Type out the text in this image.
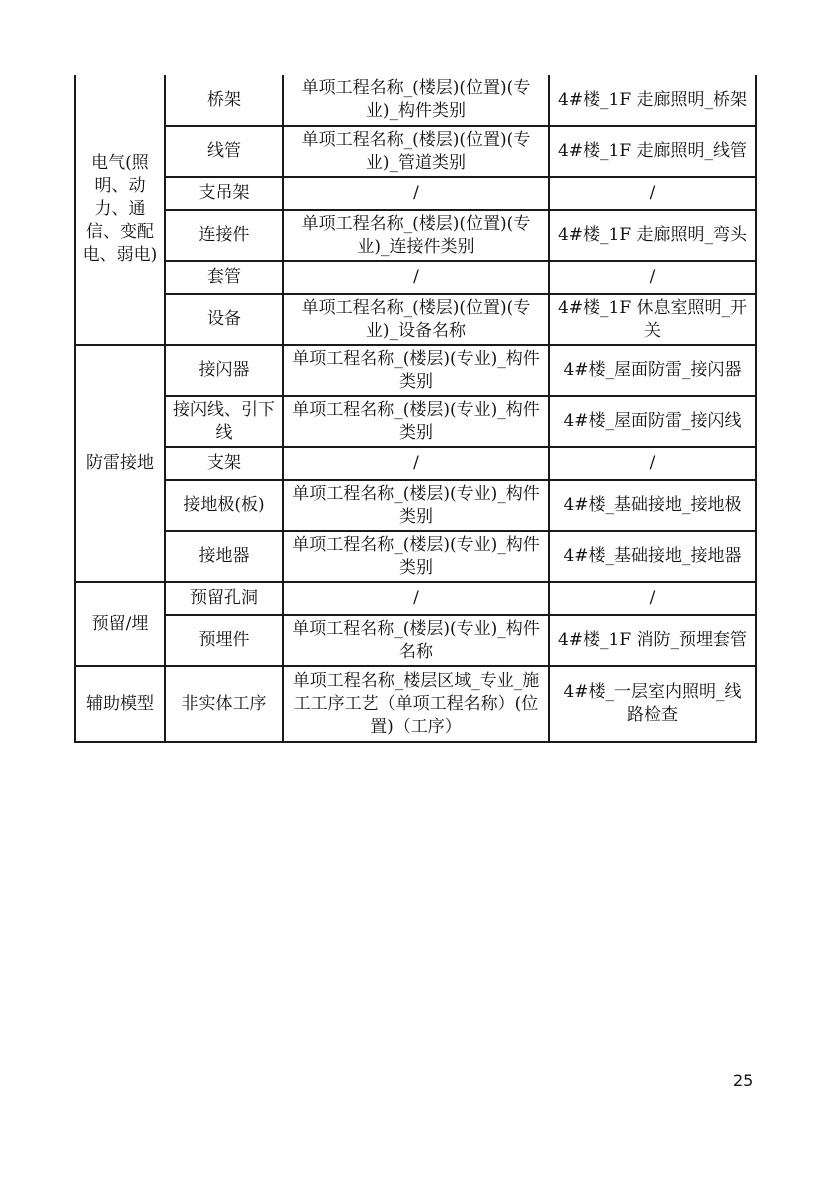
电气(照明、动力、通信、变配电、弱电)	桥架	单项工程名称_(楼层)(位置)(专业)_构件类别	4#楼_1F 走廊照明_桥架
	线管	单项工程名称_(楼层)(位置)(专业)_管道类别	4#楼_1F 走廊照明_线管
	支吊架	/	/
	连接件	单项工程名称_(楼层)(位置)(专业)_连接件类别	4#楼_1F 走廊照明_弯头
	套管	/	/
	设备	单项工程名称_(楼层)(位置)(专业)_设备名称	4#楼_1F 休息室照明_开关
防雷接地	接闪器	单项工程名称_(楼层)(专业)_构件类别	4#楼_屋面防雷_接闪器
	接闪线、引下线	单项工程名称_(楼层)(专业)_构件类别	4#楼_屋面防雷_接闪线
	支架	/	/
	接地极(板)	单项工程名称_(楼层)(专业)_构件类别	4#楼_基础接地_接地极
	接地器	单项工程名称_(楼层)(专业)_构件类别	4#楼_基础接地_接地器
预留/埋	预留孔洞	/	/
	预埋件	单项工程名称_(楼层)(专业)_构件名称	4#楼_1F 消防_预埋套管
辅助模型	非实体工序	单项工程名称_楼层区域_专业_施工工序工艺（单项工程名称）(位置)（工序）	4#楼_一层室内照明_线路检查
25
